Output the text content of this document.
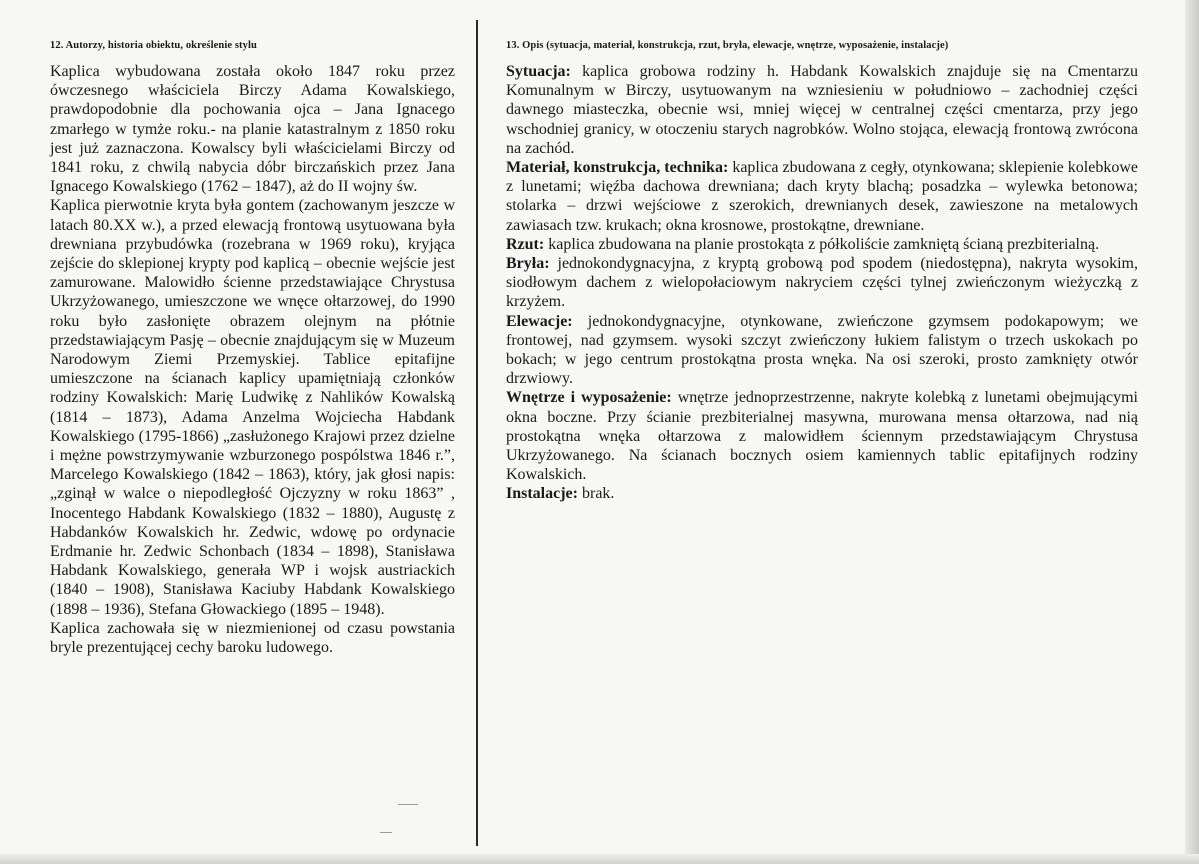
12. Autorzy, historia obiektu, określenie stylu
Kaplica wybudowana została około 1847 roku przez ówczesnego właściciela Birczy Adama Kowalskiego, prawdopodobnie dla pochowania ojca – Jana Ignacego zmarłego w tymże roku.- na planie katastralnym z 1850 roku jest już zaznaczona. Kowalscy byli właścicielami Birczy od 1841 roku, z chwilą nabycia dóbr birczańskich przez Jana Ignacego Kowalskiego (1762 – 1847), aż do II wojny św.
Kaplica pierwotnie kryta była gontem (zachowanym jeszcze w latach 80.XX w.), a przed elewacją frontową usytuowana była drewniana przybudówka (rozebrana w 1969 roku), kryjąca zejście do sklepionej krypty pod kaplicą – obecnie wejście jest zamurowane. Malowidło ścienne przedstawiające Chrystusa Ukrzyżowanego, umieszczone we wnęce ołtarzowej, do 1990 roku było zasłonięte obrazem olejnym na płótnie przedstawiającym Pasję – obecnie znajdującym się w Muzeum Narodowym Ziemi Przemyskiej. Tablice epitafijne umieszczone na ścianach kaplicy upamiętniają członków rodziny Kowalskich: Marię Ludwikę z Nahlików Kowalską (1814 – 1873), Adama Anzelma Wojciecha Habdank Kowalskiego (1795-1866) „zasłużonego Krajowi przez dzielne i mężne powstrzymywanie wzburzonego pospólstwa 1846 r.”, Marcelego Kowalskiego (1842 – 1863), który, jak głosi napis: „zginął w walce o niepodległość Ojczyzny w roku 1863” , Inocentego Habdank Kowalskiego (1832 – 1880), Augustę z Habdanków Kowalskich hr. Zedwic, wdowę po ordynacie Erdmanie hr. Zedwic Schonbach (1834 – 1898), Stanisława Habdank Kowalskiego, generała WP i wojsk austriackich (1840 – 1908), Stanisława Kaciuby Habdank Kowalskiego (1898 – 1936), Stefana Głowackiego (1895 – 1948).
Kaplica zachowała się w niezmienionej od czasu powstania bryle prezentującej cechy baroku ludowego.
13. Opis (sytuacja, materiał, konstrukcja, rzut, bryła, elewacje, wnętrze, wyposażenie, instalacje)
Sytuacja: kaplica grobowa rodziny h. Habdank Kowalskich znajduje się na Cmentarzu Komunalnym w Birczy, usytuowanym na wzniesieniu w południowo – zachodniej części dawnego miasteczka, obecnie wsi, mniej więcej w centralnej części cmentarza, przy jego wschodniej granicy, w otoczeniu starych nagrobków. Wolno stojąca, elewacją frontową zwrócona na zachód.
Materiał, konstrukcja, technika: kaplica zbudowana z cegły, otynkowana; sklepienie kolebkowe z lunetami; więźba dachowa drewniana; dach kryty blachą; posadzka – wylewka betonowa; stolarka – drzwi wejściowe z szerokich, drewnianych desek, zawieszone na metalowych zawiasach tzw. krukach; okna krosnowe, prostokątne, drewniane.
Rzut: kaplica zbudowana na planie prostokąta z półkoliście zamkniętą ścianą prezbiterialną.
Bryła: jednokondygnacyjna, z kryptą grobową pod spodem (niedostępna), nakryta wysokim, siodłowym dachem z wielopołaciowym nakryciem części tylnej zwieńczonym wieżyczką z krzyżem.
Elewacje: jednokondygnacyjne, otynkowane, zwieńczone gzymsem podokapowym; we frontowej, nad gzymsem. wysoki szczyt zwieńczony łukiem falistym o trzech uskokach po bokach; w jego centrum prostokątna prosta wnęka. Na osi szeroki, prosto zamknięty otwór drzwiowy.
Wnętrze i wyposażenie: wnętrze jednoprzestrzenne, nakryte kolebką z lunetami obejmującymi okna boczne. Przy ścianie prezbiterialnej masywna, murowana mensa ołtarzowa, nad nią prostokątna wnęka ołtarzowa z malowidłem ściennym przedstawiającym Chrystusa Ukrzyżowanego. Na ścianach bocznych osiem kamiennych tablic epitafijnych rodziny Kowalskich.
Instalacje: brak.
